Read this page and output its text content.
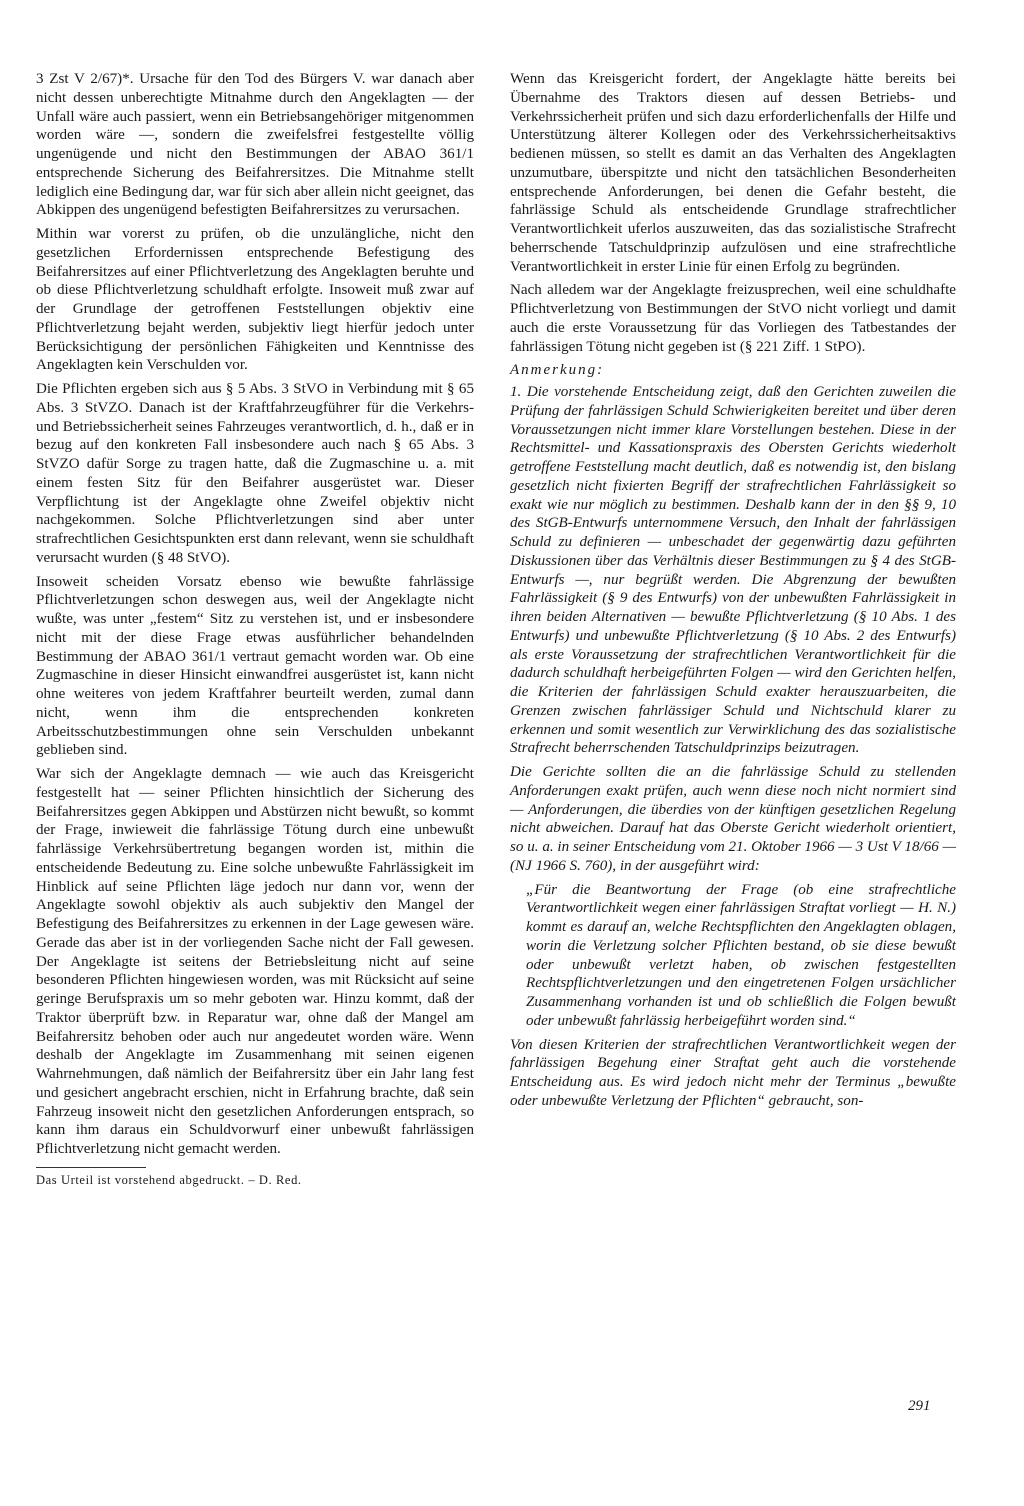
3 Zst V 2/67)*. Ursache für den Tod des Bürgers V. war danach aber nicht dessen unberechtigte Mitnahme durch den Angeklagten — der Unfall wäre auch passiert, wenn ein Betriebsangehöriger mitgenommen worden wäre —, sondern die zweifelsfrei festgestellte völlig ungenügende und nicht den Bestimmungen der ABAO 361/1 entsprechende Sicherung des Beifahrersitzes. Die Mitnahme stellt lediglich eine Bedingung dar, war für sich aber allein nicht geeignet, das Abkippen des ungenügend befestigten Beifahrersitzes zu verursachen.

Mithin war vorerst zu prüfen, ob die unzulängliche, nicht den gesetzlichen Erfordernissen entsprechende Befestigung des Beifahrersitzes auf einer Pflichtverletzung des Angeklagten beruhte und ob diese Pflichtverletzung schuldhaft erfolgte. Insoweit muß zwar auf der Grundlage der getroffenen Feststellungen objektiv eine Pflichtverletzung bejaht werden, subjektiv liegt hierfür jedoch unter Berücksichtigung der persönlichen Fähigkeiten und Kenntnisse des Angeklagten kein Verschulden vor.

Die Pflichten ergeben sich aus § 5 Abs. 3 StVO in Verbindung mit § 65 Abs. 3 StVZO. Danach ist der Kraftfahrzeugführer für die Verkehrs- und Betriebssicherheit seines Fahrzeuges verantwortlich, d. h., daß er in bezug auf den konkreten Fall insbesondere auch nach § 65 Abs. 3 StVZO dafür Sorge zu tragen hatte, daß die Zugmaschine u. a. mit einem festen Sitz für den Beifahrer ausgerüstet war. Dieser Verpflichtung ist der Angeklagte ohne Zweifel objektiv nicht nachgekommen. Solche Pflichtverletzungen sind aber unter strafrechtlichen Gesichtspunkten erst dann relevant, wenn sie schuldhaft verursacht wurden (§ 48 StVO).

Insoweit scheiden Vorsatz ebenso wie bewußte fahrlässige Pflichtverletzungen schon deswegen aus, weil der Angeklagte nicht wußte, was unter „festem“ Sitz zu verstehen ist, und er insbesondere nicht mit der diese Frage etwas ausführlicher behandelnden Bestimmung der ABAO 361/1 vertraut gemacht worden war. Ob eine Zugmaschine in dieser Hinsicht einwandfrei ausgerüstet ist, kann nicht ohne weiteres von jedem Kraftfahrer beurteilt werden, zumal dann nicht, wenn ihm die entsprechenden konkreten Arbeitsschutzbestimmungen ohne sein Verschulden unbekannt geblieben sind.

War sich der Angeklagte demnach — wie auch das Kreisgericht festgestellt hat — seiner Pflichten hinsichtlich der Sicherung des Beifahrersitzes gegen Abkippen und Abstürzen nicht bewußt, so kommt der Frage, inwieweit die fahrlässige Tötung durch eine unbewußt fahrlässige Verkehrsübertretung begangen worden ist, mithin die entscheidende Bedeutung zu. Eine solche unbewußte Fahrlässigkeit im Hinblick auf seine Pflichten läge jedoch nur dann vor, wenn der Angeklagte sowohl objektiv als auch subjektiv den Mangel der Befestigung des Beifahrersitzes zu erkennen in der Lage gewesen wäre. Gerade das aber ist in der vorliegenden Sache nicht der Fall gewesen. Der Angeklagte ist seitens der Betriebsleitung nicht auf seine besonderen Pflichten hingewiesen worden, was mit Rücksicht auf seine geringe Berufspraxis um so mehr geboten war. Hinzu kommt, daß der Traktor überprüft bzw. in Reparatur war, ohne daß der Mangel am Beifahrersitz behoben oder auch nur angedeutet worden wäre. Wenn deshalb der Angeklagte im Zusammenhang mit seinen eigenen Wahrnehmungen, daß nämlich der Beifahrersitz über ein Jahr lang fest und gesichert angebracht erschien, nicht in Erfahrung brachte, daß sein Fahrzeug insoweit nicht den gesetzlichen Anforderungen entsprach, so kann ihm daraus ein Schuldvorwurf einer unbewußt fahrlässigen Pflichtverletzung nicht gemacht werden.

Das Urteil ist vorstehend abgedruckt. – D. Red.

Wenn das Kreisgericht fordert, der Angeklagte hätte bereits bei Übernahme des Traktors diesen auf dessen Betriebs- und Verkehrssicherheit prüfen und sich dazu erforderlichenfalls der Hilfe und Unterstützung älterer Kollegen oder des Verkehrssicherheitsaktivs bedienen müssen, so stellt es damit an das Verhalten des Angeklagten unzumutbare, überspitzte und nicht den tatsächlichen Besonderheiten entsprechende Anforderungen, bei denen die Gefahr besteht, die fahrlässige Schuld als entscheidende Grundlage strafrechtlicher Verantwortlichkeit uferlos auszuweiten, das das sozialistische Strafrecht beherrschende Tatschuldprinzip aufzulösen und eine strafrechtliche Verantwortlichkeit in erster Linie für einen Erfolg zu begründen.

Nach alledem war der Angeklagte freizusprechen, weil eine schuldhafte Pflichtverletzung von Bestimmungen der StVO nicht vorliegt und damit auch die erste Voraussetzung für das Vorliegen des Tatbestandes der fahrlässigen Tötung nicht gegeben ist (§ 221 Ziff. 1 StPO).

Anmerkung:

1. Die vorstehende Entscheidung zeigt, daß den Gerichten zuweilen die Prüfung der fahrlässigen Schuld Schwierigkeiten bereitet und über deren Voraussetzungen nicht immer klare Vorstellungen bestehen. Diese in der Rechtsmittel- und Kassationspraxis des Obersten Gerichts wiederholt getroffene Feststellung macht deutlich, daß es notwendig ist, den bislang gesetzlich nicht fixierten Begriff der strafrechtlichen Fahrlässigkeit so exakt wie nur möglich zu bestimmen. Deshalb kann der in den §§ 9, 10 des StGB-Entwurfs unternommene Versuch, den Inhalt der fahrlässigen Schuld zu definieren — unbeschadet der gegenwärtig dazu geführten Diskussionen über das Verhältnis dieser Bestimmungen zu § 4 des StGB-Entwurfs —, nur begrüßt werden. Die Abgrenzung der bewußten Fahrlässigkeit (§ 9 des Entwurfs) von der unbewußten Fahrlässigkeit in ihren beiden Alternativen — bewußte Pflichtverletzung (§ 10 Abs. 1 des Entwurfs) und unbewußte Pflichtverletzung (§ 10 Abs. 2 des Entwurfs) als erste Voraussetzung der strafrechtlichen Verantwortlichkeit für die dadurch schuldhaft herbeigeführten Folgen — wird den Gerichten helfen, die Kriterien der fahrlässigen Schuld exakter herauszuarbeiten, die Grenzen zwischen fahrlässiger Schuld und Nichtschuld klarer zu erkennen und somit wesentlich zur Verwirklichung des das sozialistische Strafrecht beherrschenden Tatschuldprinzips beizutragen.

Die Gerichte sollten die an die fahrlässige Schuld zu stellenden Anforderungen exakt prüfen, auch wenn diese noch nicht normiert sind — Anforderungen, die überdies von der künftigen gesetzlichen Regelung nicht abweichen. Darauf hat das Oberste Gericht wiederholt orientiert, so u. a. in seiner Entscheidung vom 21. Oktober 1966 — 3 Ust V 18/66 — (NJ 1966 S. 760), in der ausgeführt wird:

„Für die Beantwortung der Frage (ob eine strafrechtliche Verantwortlichkeit wegen einer fahrlässigen Straftat vorliegt — H. N.) kommt es darauf an, welche Rechtspflichten den Angeklagten oblagen, worin die Verletzung solcher Pflichten bestand, ob sie diese bewußt oder unbewußt verletzt haben, ob zwischen festgestellten Rechtspflichtverletzungen und den eingetretenen Folgen ursächlicher Zusammenhang vorhanden ist und ob schließlich die Folgen bewußt oder unbewußt fahrlässig herbeigeführt worden sind.“

Von diesen Kriterien der strafrechtlichen Verantwortlichkeit wegen der fahrlässigen Begehung einer Straftat geht auch die vorstehende Entscheidung aus. Es wird jedoch nicht mehr der Terminus „bewußte oder unbewußte Verletzung der Pflichten“ gebraucht, son-

291
